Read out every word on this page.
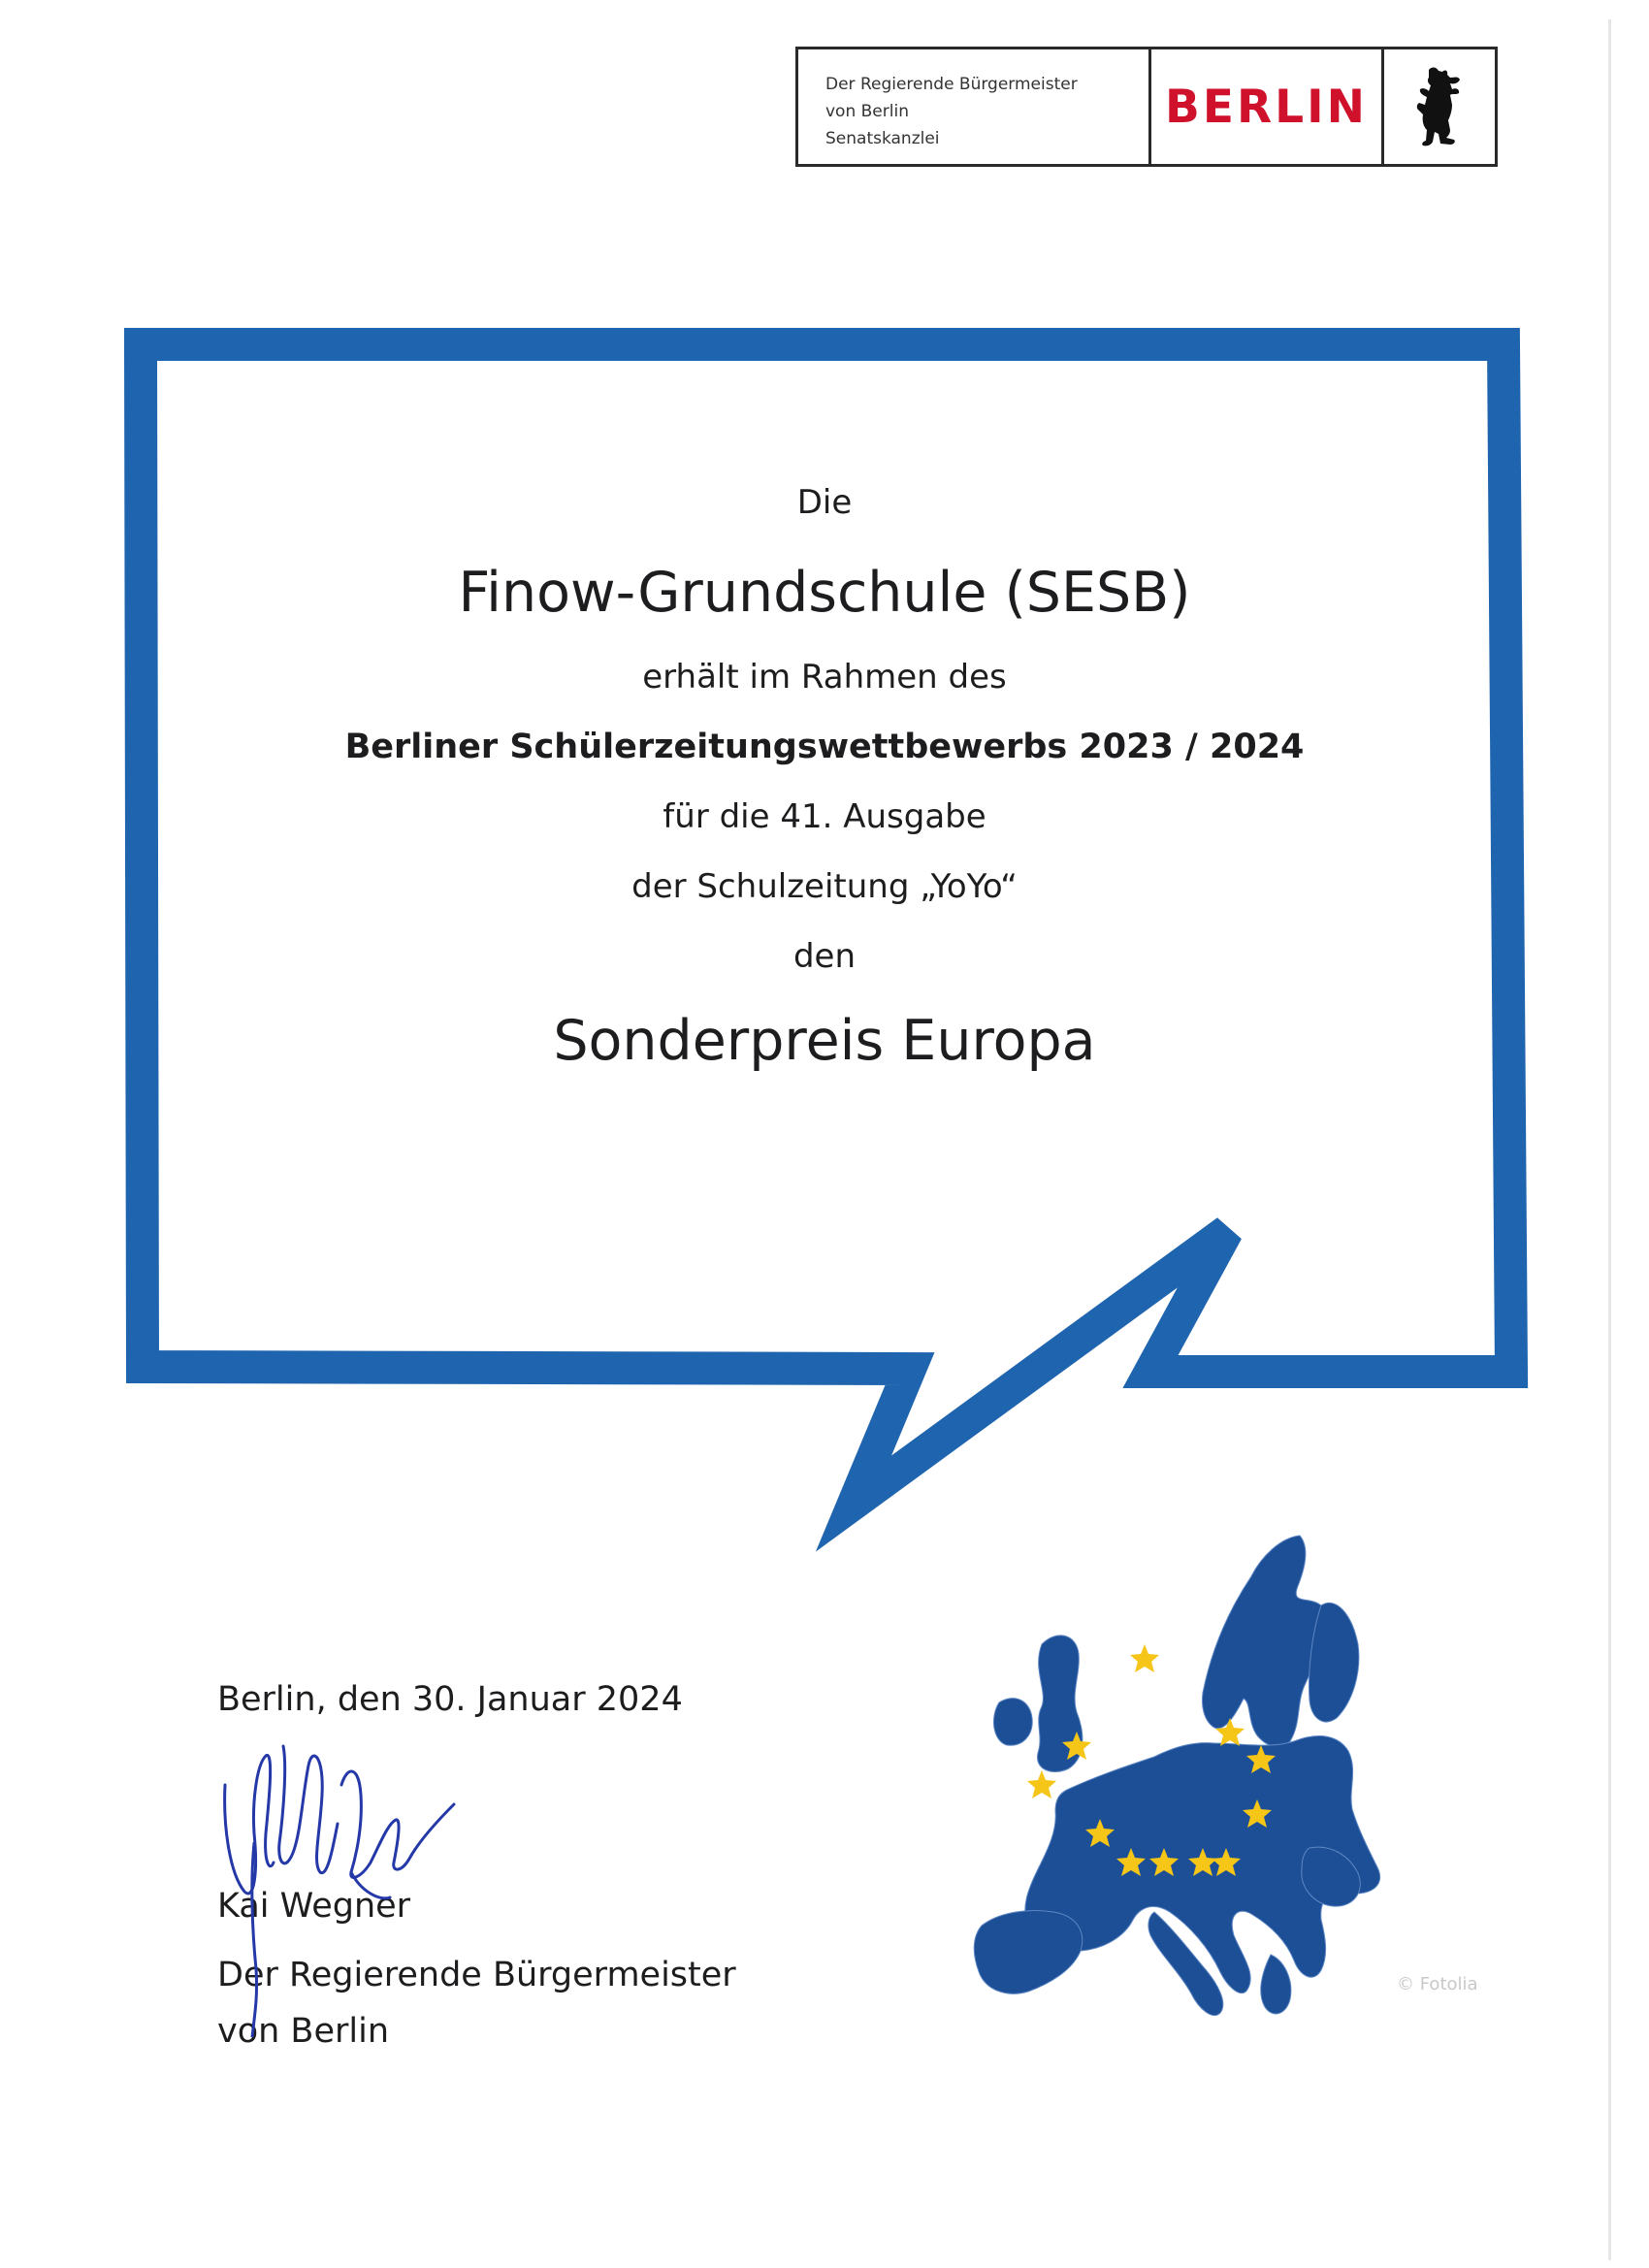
Der Regierende Bürgermeister
von Berlin
Senatskanzlei
BERLIN
Die
Finow-Grundschule (SESB)
erhält im Rahmen des
Berliner Schülerzeitungswettbewerbs 2023 / 2024
für die 41. Ausgabe
der Schulzeitung „YoYo“
den
Sonderpreis Europa
Berlin, den 30. Januar 2024
Kai Wegner
Der Regierende Bürgermeister
von Berlin
© Fotolia
